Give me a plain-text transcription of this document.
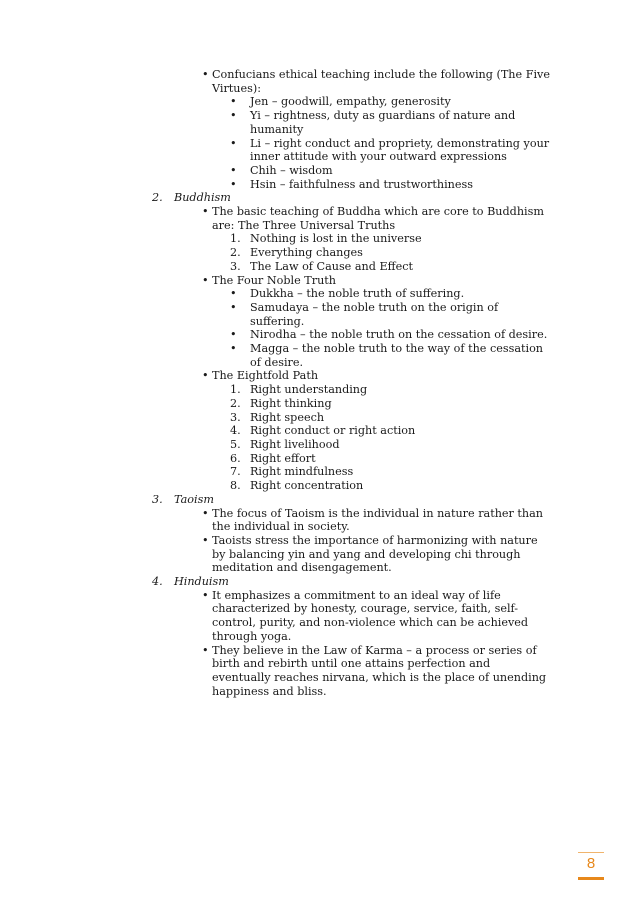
• Confucians ethical teaching include the following (The Five Virtues):
• Jen – goodwill, empathy, generosity
• Yi – rightness, duty as guardians of nature and humanity
• Li – right conduct and propriety, demonstrating your inner attitude with your outward expressions
• Chih – wisdom
• Hsin – faithfulness and trustworthiness
2. Buddhism
• The basic teaching of Buddha which are core to Buddhism are: The Three Universal Truths
1. Nothing is lost in the universe
2. Everything changes
3. The Law of Cause and Effect
• The Four Noble Truth
• Dukkha – the noble truth of suffering.
• Samudaya – the noble truth on the origin of suffering.
• Nirodha – the noble truth on the cessation of desire.
• Magga – the noble truth to the way of the cessation of desire.
• The Eightfold Path
1. Right understanding
2. Right thinking
3. Right speech
4. Right conduct or right action
5. Right livelihood
6. Right effort
7. Right mindfulness
8. Right concentration
3. Taoism
• The focus of Taoism is the individual in nature rather than the individual in society.
• Taoists stress the importance of harmonizing with nature by balancing yin and yang and developing chi through meditation and disengagement.
4. Hinduism
• It emphasizes a commitment to an ideal way of life characterized by honesty, courage, service, faith, self-control, purity, and non-violence which can be achieved through yoga.
• They believe in the Law of Karma – a process or series of birth and rebirth until one attains perfection and eventually reaches nirvana, which is the place of unending happiness and bliss.
8
